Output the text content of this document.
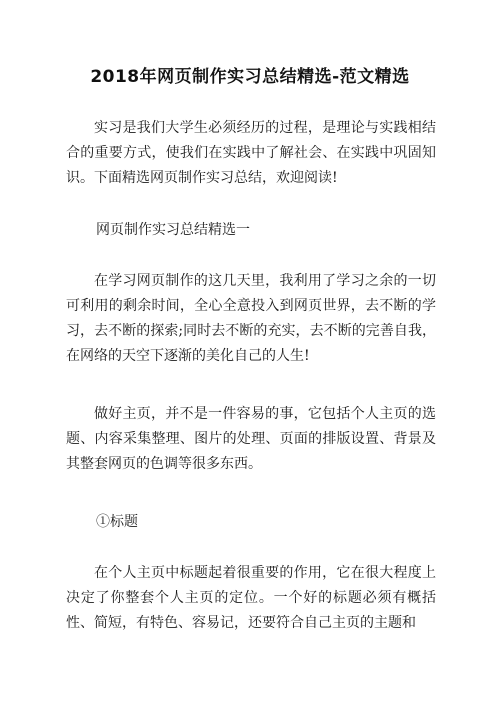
2018年网页制作实习总结精选-范文精选

实习是我们大学生必须经历的过程，是理论与实践相结合的重要方式，使我们在实践中了解社会、在实践中巩固知识。下面精选网页制作实习总结，欢迎阅读!

网页制作实习总结精选一

在学习网页制作的这几天里，我利用了学习之余的一切可利用的剩余时间，全心全意投入到网页世界，去不断的学习，去不断的探索;同时去不断的充实，去不断的完善自我，在网络的天空下逐渐的美化自己的人生!

做好主页，并不是一件容易的事，它包括个人主页的选题、内容采集整理、图片的处理、页面的排版设置、背景及其整套网页的色调等很多东西。

①标题

在个人主页中标题起着很重要的作用，它在很大程度上决定了你整套个人主页的定位。一个好的标题必须有概括性、简短，有特色、容易记，还要符合自己主页的主题和
